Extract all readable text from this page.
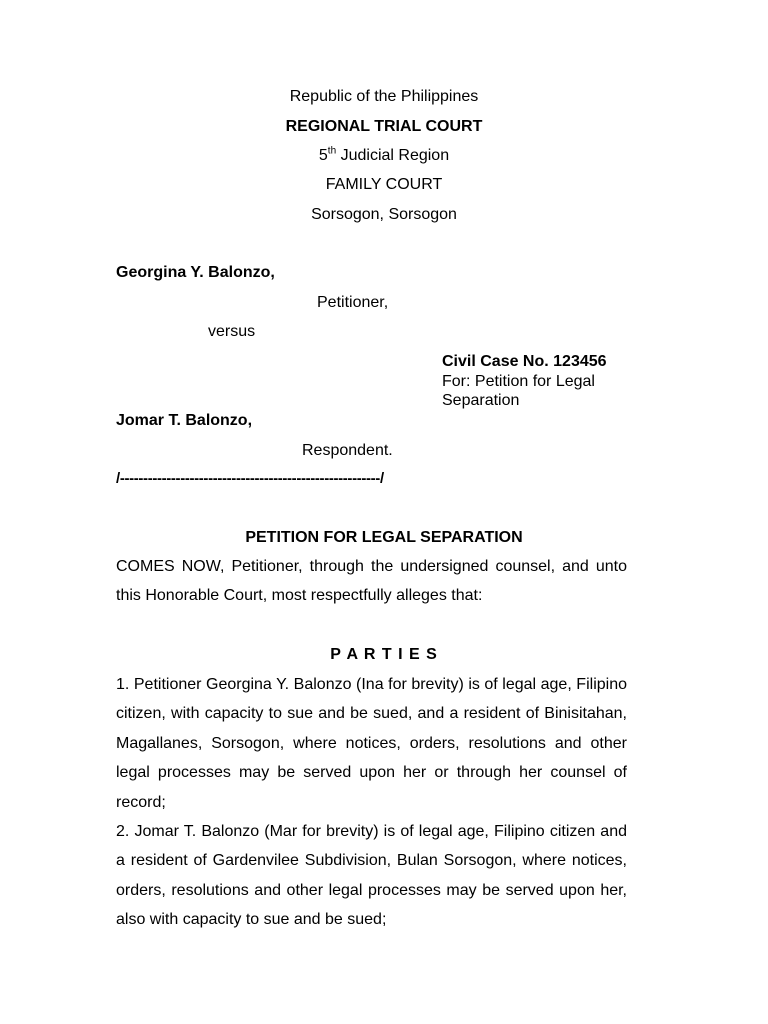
Republic of the Philippines
REGIONAL TRIAL COURT
5th Judicial Region
FAMILY COURT
Sorsogon, Sorsogon
Georgina Y. Balonzo,
Petitioner,
versus
Civil Case No. 123456
For: Petition for Legal
Separation
Jomar T. Balonzo,
Respondent.
/--------------------------------------------------------/
PETITION FOR LEGAL SEPARATION
COMES NOW, Petitioner, through the undersigned counsel, and unto this Honorable Court, most respectfully alleges that:
P A R T I E S
1. Petitioner Georgina Y. Balonzo (Ina for brevity) is of legal age, Filipino citizen, with capacity to sue and be sued, and a resident of Binisitahan, Magallanes, Sorsogon, where notices, orders, resolutions and other legal processes may be served upon her or through her counsel of record;
2. Jomar T. Balonzo (Mar for brevity) is of legal age, Filipino citizen and a resident of Gardenvilee Subdivision, Bulan Sorsogon, where notices, orders, resolutions and other legal processes may be served upon her, also with capacity to sue and be sued;
